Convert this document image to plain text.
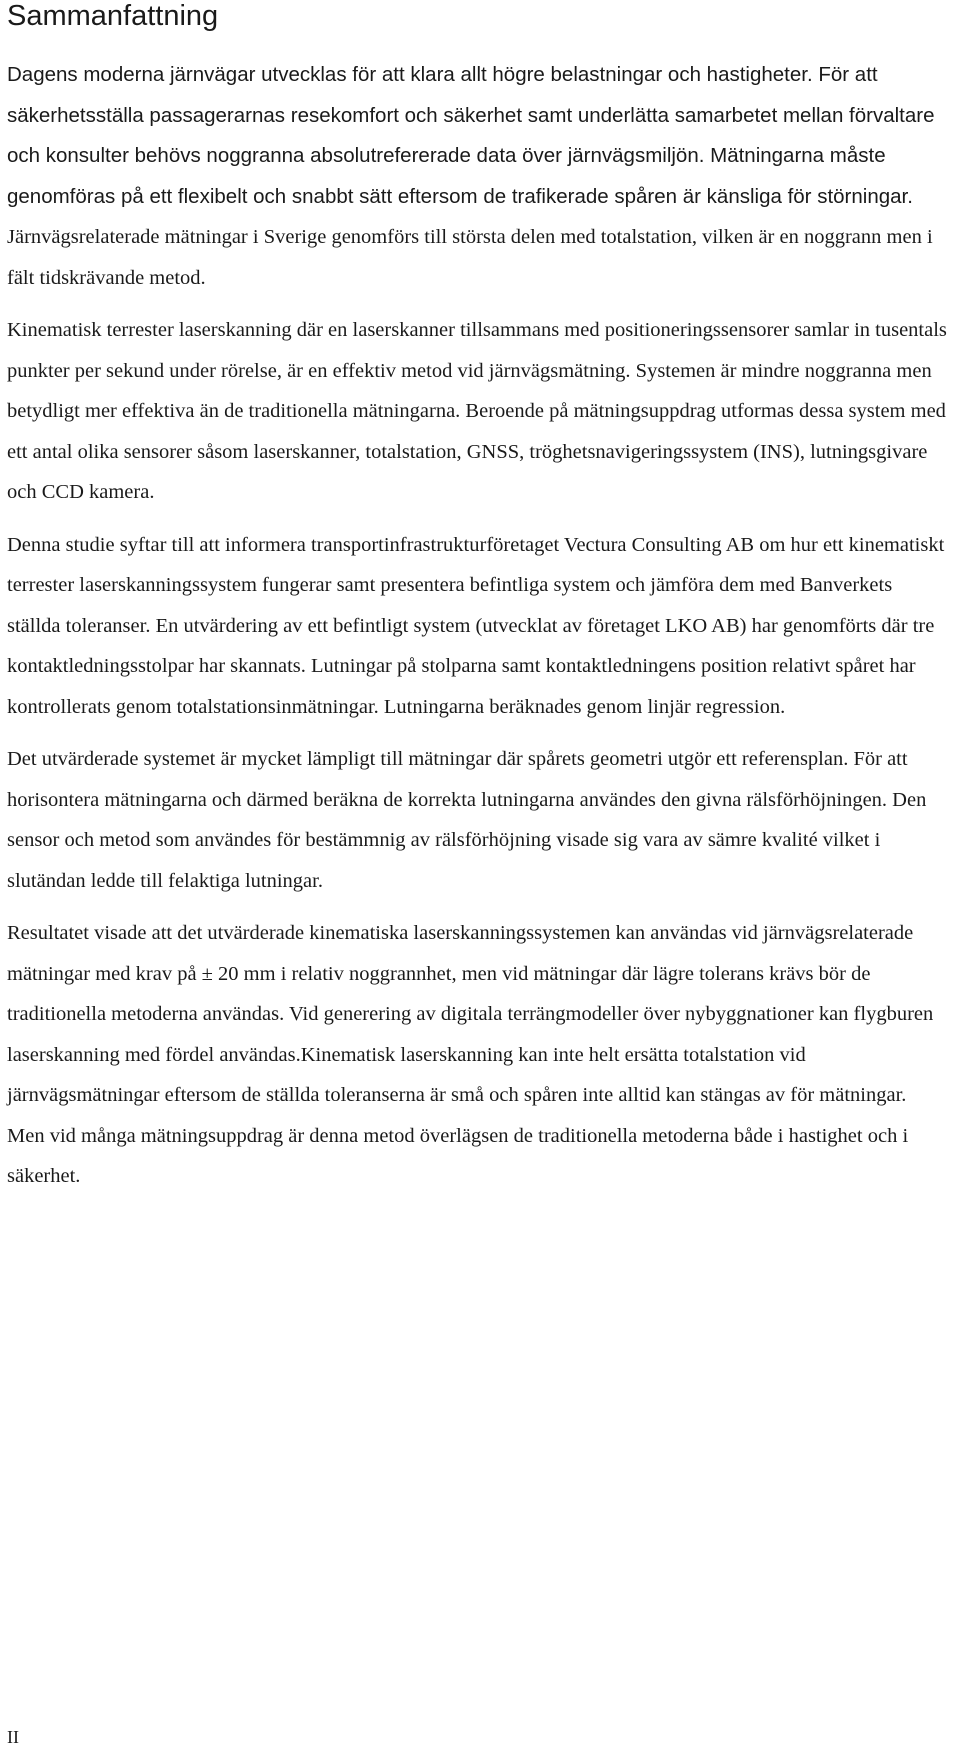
Sammanfattning

Dagens moderna järnvägar utvecklas för att klara allt högre belastningar och hastigheter. För att säkerhetsställa passagerarnas resekomfort och säkerhet samt underlätta samarbetet mellan förvaltare och konsulter behövs noggranna absolutrefererade data över järnvägsmiljön. Mätningarna måste genomföras på ett flexibelt och snabbt sätt eftersom de trafikerade spåren är känsliga för störningar. Järnvägsrelaterade mätningar i Sverige genomförs till största delen med totalstation, vilken är en noggrann men i fält tidskrävande metod.

Kinematisk terrester laserskanning där en laserskanner tillsammans med positioneringssensorer samlar in tusentals punkter per sekund under rörelse, är en effektiv metod vid järnvägsmätning. Systemen är mindre noggranna men betydligt mer effektiva än de traditionella mätningarna. Beroende på mätningsuppdrag utformas dessa system med ett antal olika sensorer såsom laserskanner, totalstation, GNSS, tröghetsnavigeringssystem (INS), lutningsgivare och CCD kamera.

Denna studie syftar till att informera transportinfrastrukturföretaget Vectura Consulting AB om hur ett kinematiskt terrester laserskanningssystem fungerar samt presentera befintliga system och jämföra dem med Banverkets ställda toleranser. En utvärdering av ett befintligt system (utvecklat av företaget LKO AB) har genomförts där tre kontaktledningsstolpar har skannats. Lutningar på stolparna samt kontaktledningens position relativt spåret har kontrollerats genom totalstationsinmätningar. Lutningarna beräknades genom linjär regression.

Det utvärderade systemet är mycket lämpligt till mätningar där spårets geometri utgör ett referensplan. För att horisontera mätningarna och därmed beräkna de korrekta lutningarna användes den givna rälsförhöjningen. Den sensor och metod som användes för bestämmnig av rälsförhöjning visade sig vara av sämre kvalité vilket i slutändan ledde till felaktiga lutningar.

Resultatet visade att det utvärderade kinematiska laserskanningssystemen kan användas vid järnvägsrelaterade mätningar med krav på ± 20 mm i relativ noggrannhet, men vid mätningar där lägre tolerans krävs bör de traditionella metoderna användas. Vid generering av digitala terrängmodeller över nybyggnationer kan flygburen laserskanning med fördel användas.Kinematisk laserskanning kan inte helt ersätta totalstation vid järnvägsmätningar eftersom de ställda toleranserna är små och spåren inte alltid kan stängas av för mätningar. Men vid många mätningsuppdrag är denna metod överlägsen de traditionella metoderna både i hastighet och i säkerhet.

II
